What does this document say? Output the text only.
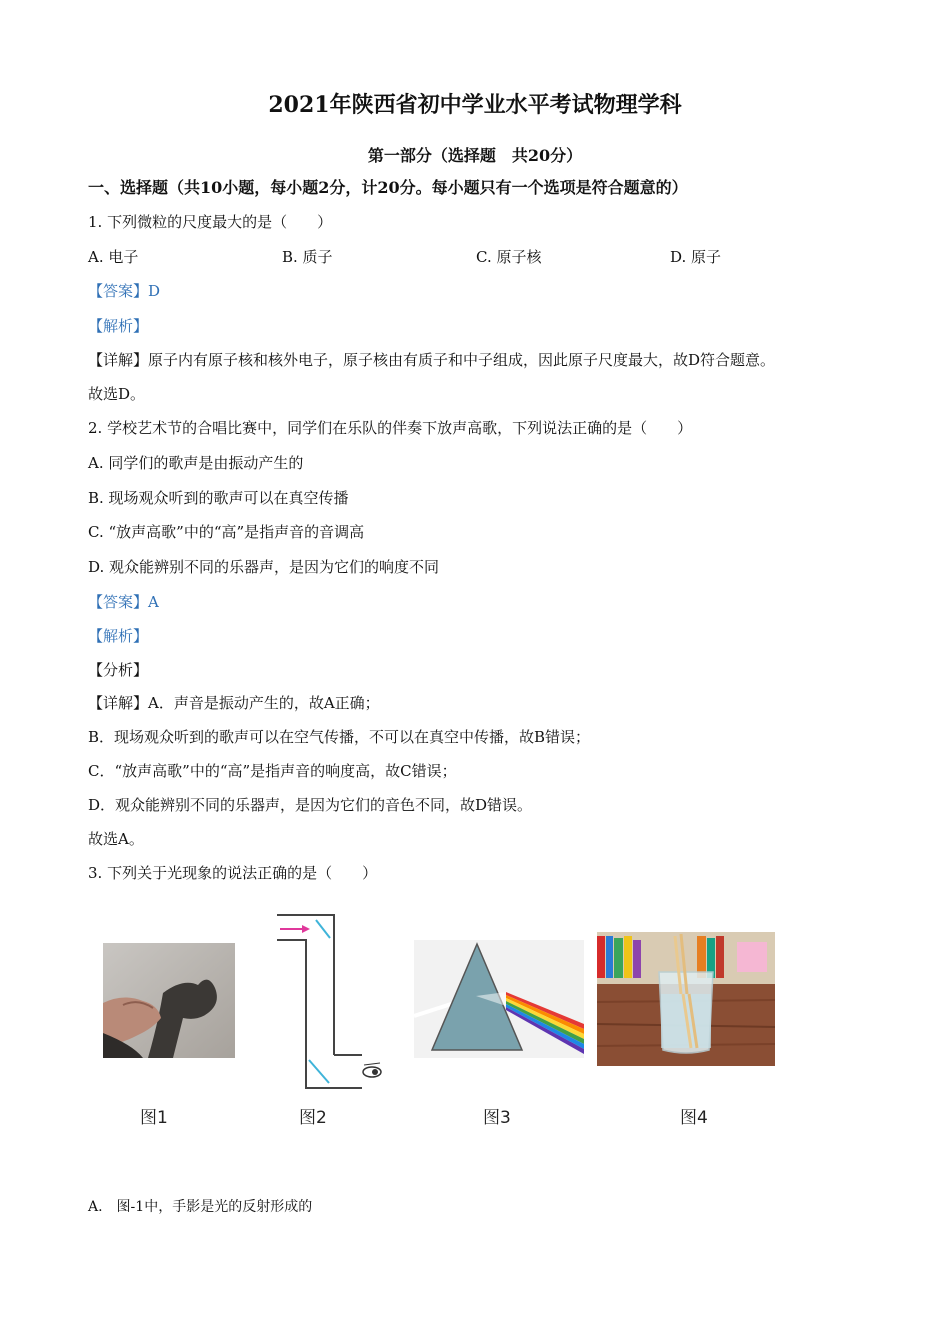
2021年陕西省初中学业水平考试物理学科
第一部分（选择题　共20分）
一、选择题（共10小题，每小题2分，计20分。每小题只有一个选项是符合题意的）
1. 下列微粒的尺度最大的是（　　）
A. 电子	B. 质子	C. 原子核	D. 原子
【答案】D
【解析】
【详解】原子内有原子核和核外电子，原子核由有质子和中子组成，因此原子尺度最大，故D符合题意。
故选D。
2. 学校艺术节的合唱比赛中，同学们在乐队的伴奏下放声高歌，下列说法正确的是（　　）
A. 同学们的歌声是由振动产生的
B. 现场观众听到的歌声可以在真空传播
C. “放声高歌”中的“高”是指声音的音调高
D. 观众能辨别不同的乐器声，是因为它们的响度不同
【答案】A
【解析】
【分析】
【详解】A．声音是振动产生的，故A正确；
B．现场观众听到的歌声可以在空气传播，不可以在真空中传播，故B错误；
C．“放声高歌”中的“高”是指声音的响度高，故C错误；
D．观众能辨别不同的乐器声，是因为它们的音色不同，故D错误。
故选A。
3. 下列关于光现象的说法正确的是（　　）
图1	图2	图3	图4
A.　图-1中，手影是光的反射形成的
